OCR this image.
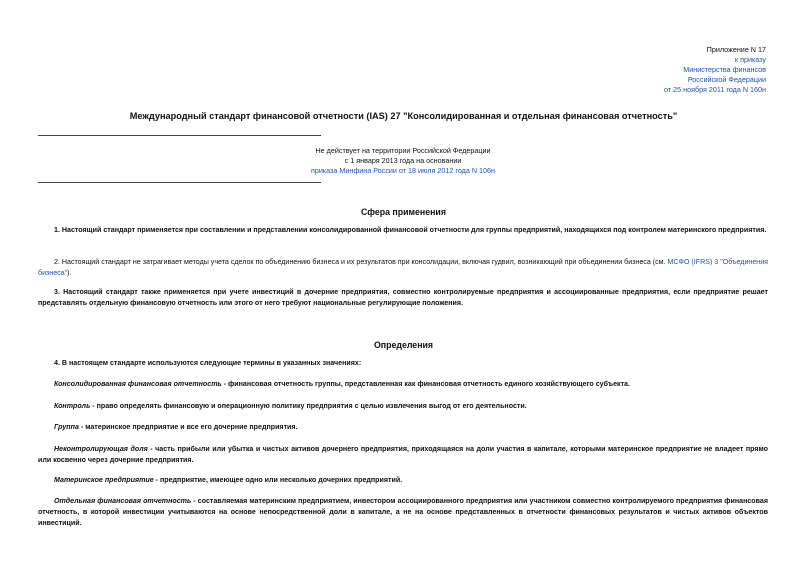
Приложение N 17
к приказу
Министерства финансов
Российской Федерации
от 25 ноября 2011 года N 160н
Международный стандарт финансовой отчетности (IAS) 27 "Консолидированная и отдельная финансовая отчетность"
Не действует на территории Российской Федерации
с 1 января 2013 года на основании
приказа Минфина России от 18 июля 2012 года N 106н
Сфера применения
1. Настоящий стандарт применяется при составлении и представлении консолидированной финансовой отчетности для группы предприятий, находящихся под контролем материнского предприятия.
2. Настоящий стандарт не затрагивает методы учета сделок по объединению бизнеса и их результатов при консолидации, включая гудвил, возникающий при объединении бизнеса (см. МСФО (IFRS) 3 "Объединения бизнеса").
3. Настоящий стандарт также применяется при учете инвестиций в дочерние предприятия, совместно контролируемые предприятия и ассоциированные предприятия, если предприятие решает представлять отдельную финансовую отчетность или этого от него требуют национальные регулирующие положения.
Определения
4. В настоящем стандарте используются следующие термины в указанных значениях:
Консолидированная финансовая отчетность - финансовая отчетность группы, представленная как финансовая отчетность единого хозяйствующего субъекта.
Контроль - право определять финансовую и операционную политику предприятия с целью извлечения выгод от его деятельности.
Группа - материнское предприятие и все его дочерние предприятия.
Неконтролирующая доля - часть прибыли или убытка и чистых активов дочернего предприятия, приходящаяся на доли участия в капитале, которыми материнское предприятие не владеет прямо или косвенно через дочерние предприятия.
Материнское предприятие - предприятие, имеющее одно или несколько дочерних предприятий.
Отдельная финансовая отчетность - составляемая материнским предприятием, инвестором ассоциированного предприятия или участником совместно контролируемого предприятия финансовая отчетность, в которой инвестиции учитываются на основе непосредственной доли в капитале, а не на основе представленных в отчетности финансовых результатов и чистых активов объектов инвестиций.
